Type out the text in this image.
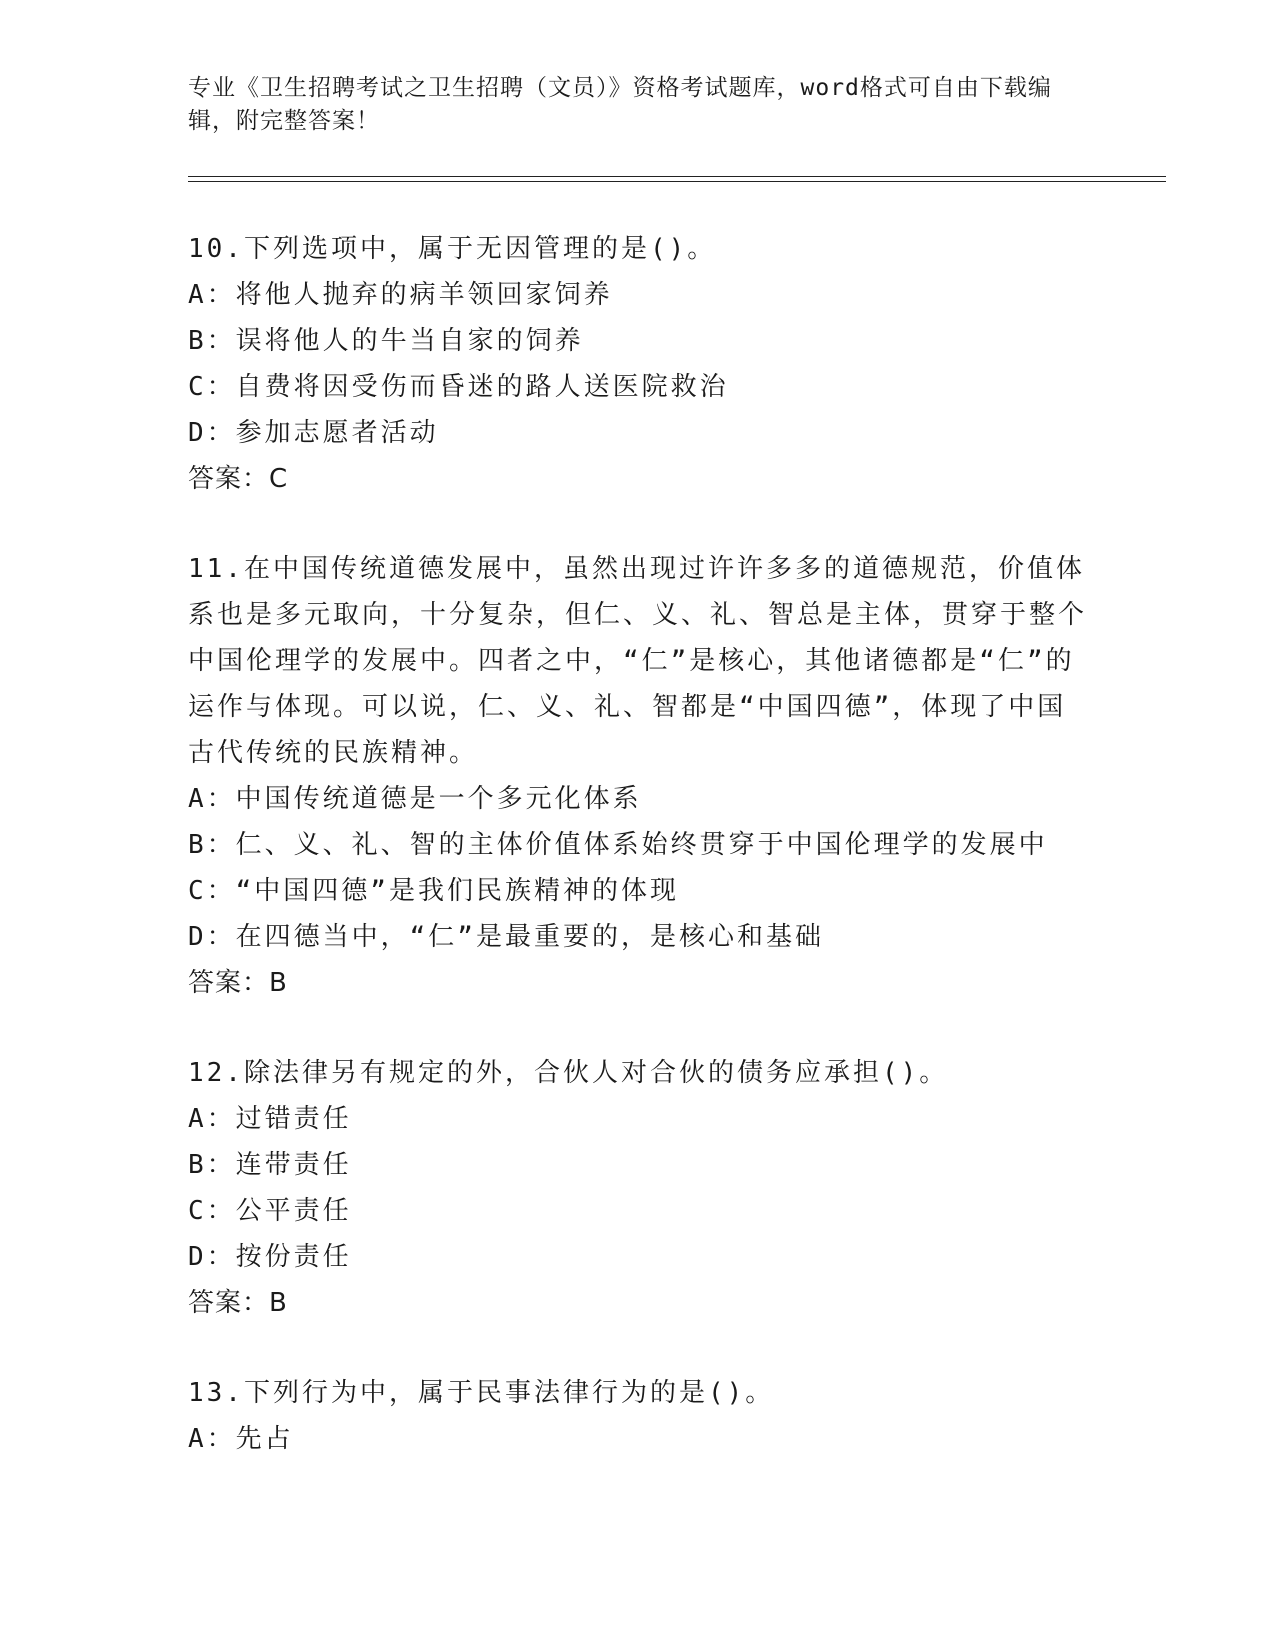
专业《卫生招聘考试之卫生招聘（文员）》资格考试题库，word格式可自由下载编辑，附完整答案！

10.下列选项中，属于无因管理的是()。

A：将他人抛弃的病羊领回家饲养

B：误将他人的牛当自家的饲养

C：自费将因受伤而昏迷的路人送医院救治

D：参加志愿者活动

答案：C

11.在中国传统道德发展中，虽然出现过许许多多的道德规范，价值体系也是多元取向，十分复杂，但仁、义、礼、智总是主体，贯穿于整个中国伦理学的发展中。四者之中，“仁”是核心，其他诸德都是“仁”的运作与体现。可以说，仁、义、礼、智都是“中国四德”，体现了中国古代传统的民族精神。

A：中国传统道德是一个多元化体系

B：仁、义、礼、智的主体价值体系始终贯穿于中国伦理学的发展中

C：“中国四德”是我们民族精神的体现

D：在四德当中，“仁”是最重要的，是核心和基础

答案：B

12.除法律另有规定的外，合伙人对合伙的债务应承担()。

A：过错责任

B：连带责任

C：公平责任

D：按份责任

答案：B

13.下列行为中，属于民事法律行为的是()。

A：先占
